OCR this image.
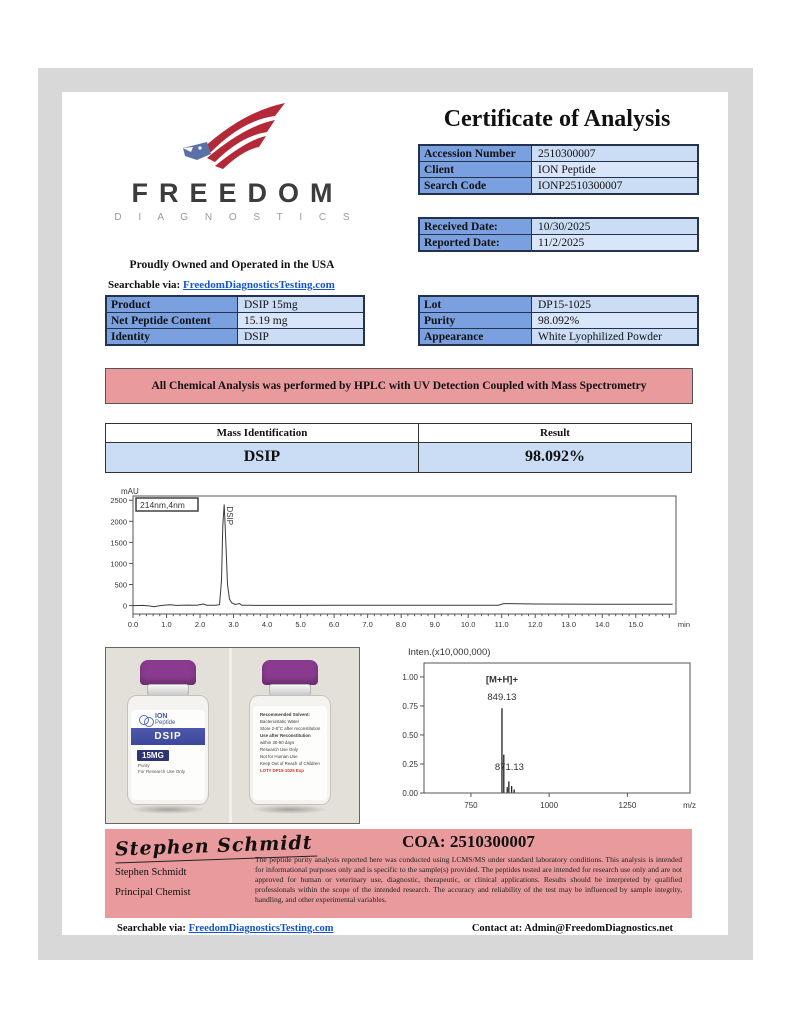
FREEDOM
D I A G N O S T I C S
Proudly Owned and Operated in the USA
Searchable via: FreedomDiagnosticsTesting.com
Certificate of Analysis
Accession Number	2510300007
Client	ION Peptide
Search Code	IONP2510300007
Received Date:	10/30/2025
Reported Date:	11/2/2025
Product	DSIP 15mg
Net Peptide Content	15.19 mg
Identity	DSIP
Lot	DP15-1025
Purity	98.092%
Appearance	White Lyophilized Powder
All Chemical Analysis was performed by HPLC with UV Detection Coupled with Mass Spectrometry
Mass Identification	Result
DSIP	98.092%
0
500
1000
1500
2000
2500
mAU
0.0	1.0	2.0	3.0	4.0	5.0	6.0	7.0	8.0	9.0	10.0	11.0	12.0	13.0	14.0	15.0	min
214nm,4nm
DSIP
ION
Peptide
DSIP
15MG
Purity
For Research Use Only
Recommended Solvent:
Bacteriostatic Water
Store 2-8°C after reconstitution
Use after Reconstitution
within 30-90 days
Research Use Only
Not for Human Use
Keep Out of Reach of Children
LOT# DP15-1025 Exp
Inten.(x10,000,000)
0.00
0.25
0.50
0.75
1.00
750	1000	1250	m/z
[M+H]+
849.13
871.13
Stephen Schmidt
Stephen Schmidt
Principal Chemist
COA: 2510300007
The peptide purity analysis reported here was conducted using LCMS/MS under standard laboratory conditions. This analysis is intended for informational purposes only and is specific to the sample(s) provided. The peptides tested are intended for research use only and are not approved for human or veterinary use, diagnostic, therapeutic, or clinical applications. Results should be interpreted by qualified professionals within the scope of the intended research. The accuracy and reliability of the test may be influenced by sample integrity, handling, and other experimental variables.
Searchable via: FreedomDiagnosticsTesting.com	Contact at: Admin@FreedomDiagnostics.net
